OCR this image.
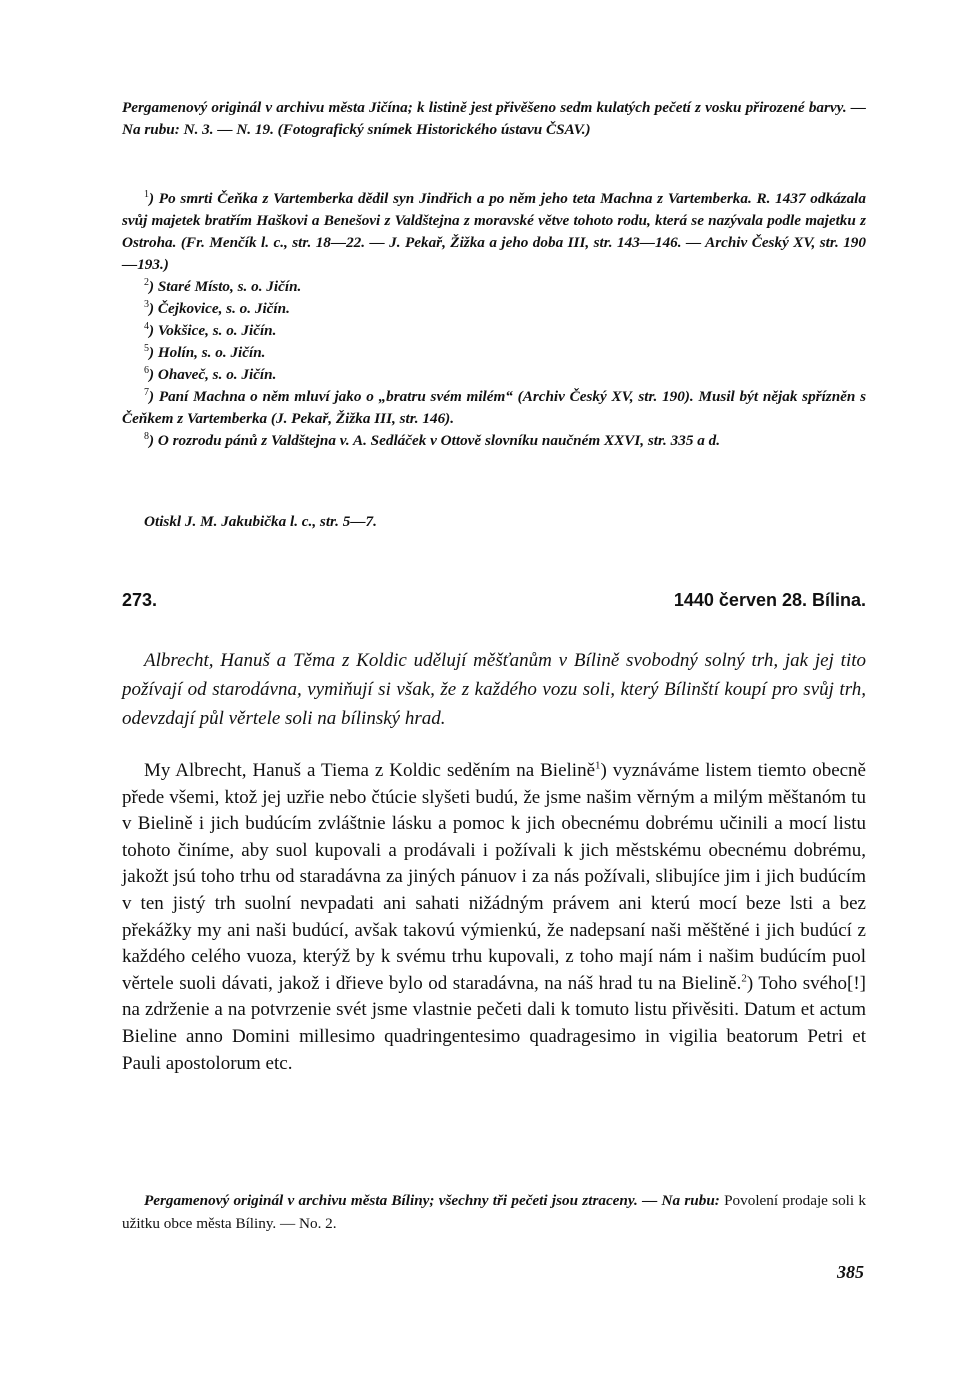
Pergamenový originál v archivu města Jičína; k listině jest přivěšeno sedm kulatých pečetí z vosku přirozené barvy. — Na rubu: N. 3. — N. 19. (Fotografický snímek Historického ústavu ČSAV.)

$^1$) Po smrti Čeňka z Vartemberka dědil syn Jindřich a po něm jeho teta Machna z Vartemberka. R. 1437 odkázala svůj majetek bratřím Haškovi a Benešovi z Valdštejna z moravské větve tohoto rodu, která se nazývala podle majetku z Ostroha. (Fr. Menčík l. c., str. 18—22. — J. Pekař, Žižka a jeho doba III, str. 143—146. — Archiv Český XV, str. 190—193.)

$^2$) Staré Místo, s. o. Jičín.

$^3$) Čejkovice, s. o. Jičín.

$^4$) Vokšice, s. o. Jičín.

$^5$) Holín, s. o. Jičín.

$^6$) Ohaveč, s. o. Jičín.

$^7$) Paní Machna o něm mluví jako o „bratru svém milém“ (Archiv Český XV, str. 190). Musil být nějak spřízněn s Čeňkem z Vartemberka (J. Pekař, Žižka III, str. 146).

$^8$) O rozrodu pánů z Valdštejna v. A. Sedláček v Ottově slovníku naučném XXVI, str. 335 a d.

Otiskl J. M. Jakubička l. c., str. 5—7.
273.	1440 červen 28. Bílina.

Albrecht, Hanuš a Těma z Koldic udělují měšťanům v Bílině svobodný solný trh, jak jej tito požívají od starodávna, vymiňují si však, že z každého vozu soli, který Bílinští koupí pro svůj trh, odevzdají půl věrtele soli na bílinský hrad.

My Albrecht, Hanuš a Tiema z Koldic seděním na Bielině$^1$) vyznáváme listem tiemto obecně přede všemi, ktož jej uzřie nebo čtúcie slyšeti budú, že jsme našim věrným a milým měštanóm tu v Bielině i jich budúcím zvláštnie lásku a pomoc k jich obecnému dobrému učinili a mocí listu tohoto činíme, aby suol kupovali a prodávali i požívali k jich městskému obecnému dobrému, jakožt jsú toho trhu od staradávna za jiných pánuov i za nás požívali, slibujíce jim i jich budúcím v ten jistý trh suolní nevpadati ani sahati nižádným právem ani kterú mocí beze lsti a bez překážky my ani naši budúcí, avšak takovú výmienkú, že nadepsaní naši měštěné i jich budúcí z každého celého vuoza, kterýž by k svému trhu kupovali, z toho mají nám i našim budúcím puol věrtele suoli dávati, jakož i dřieve bylo od staradávna, na náš hrad tu na Bielině.$^2$) Toho svého[!] na zdrženie a na potvrzenie svét jsme vlastnie pečeti dali k tomuto listu přivěsiti. Datum et actum Bieline anno Domini millesimo quadringentesimo quadragesimo in vigilia beatorum Petri et Pauli apostolorum etc.

Pergamenový originál v archivu města Bíliny; všechny tři pečeti jsou ztraceny. — Na rubu: Povolení prodaje soli k užitku obce města Bíliny. — No. 2.

385
